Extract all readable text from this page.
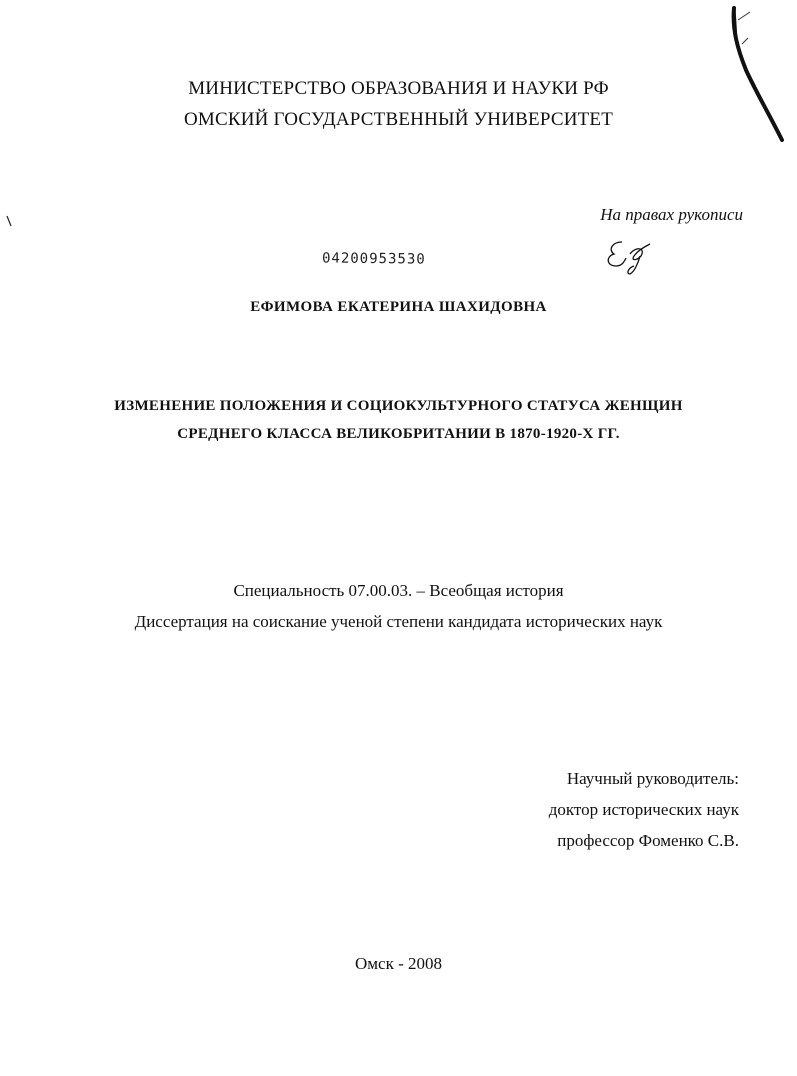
МИНИСТЕРСТВО ОБРАЗОВАНИЯ И НАУКИ РФ
ОМСКИЙ ГОСУДАРСТВЕННЫЙ УНИВЕРСИТЕТ
На правах рукописи
04200953530
ЕФИМОВА ЕКАТЕРИНА ШАХИДОВНА
ИЗМЕНЕНИЕ ПОЛОЖЕНИЯ И СОЦИОКУЛЬТУРНОГО СТАТУСА ЖЕНЩИН
СРЕДНЕГО КЛАССА ВЕЛИКОБРИТАНИИ В 1870-1920-Х ГГ.
Специальность 07.00.03. – Всеобщая история
Диссертация на соискание ученой степени кандидата исторических наук
Научный руководитель:
доктор исторических наук
профессор Фоменко С.В.
Омск - 2008
